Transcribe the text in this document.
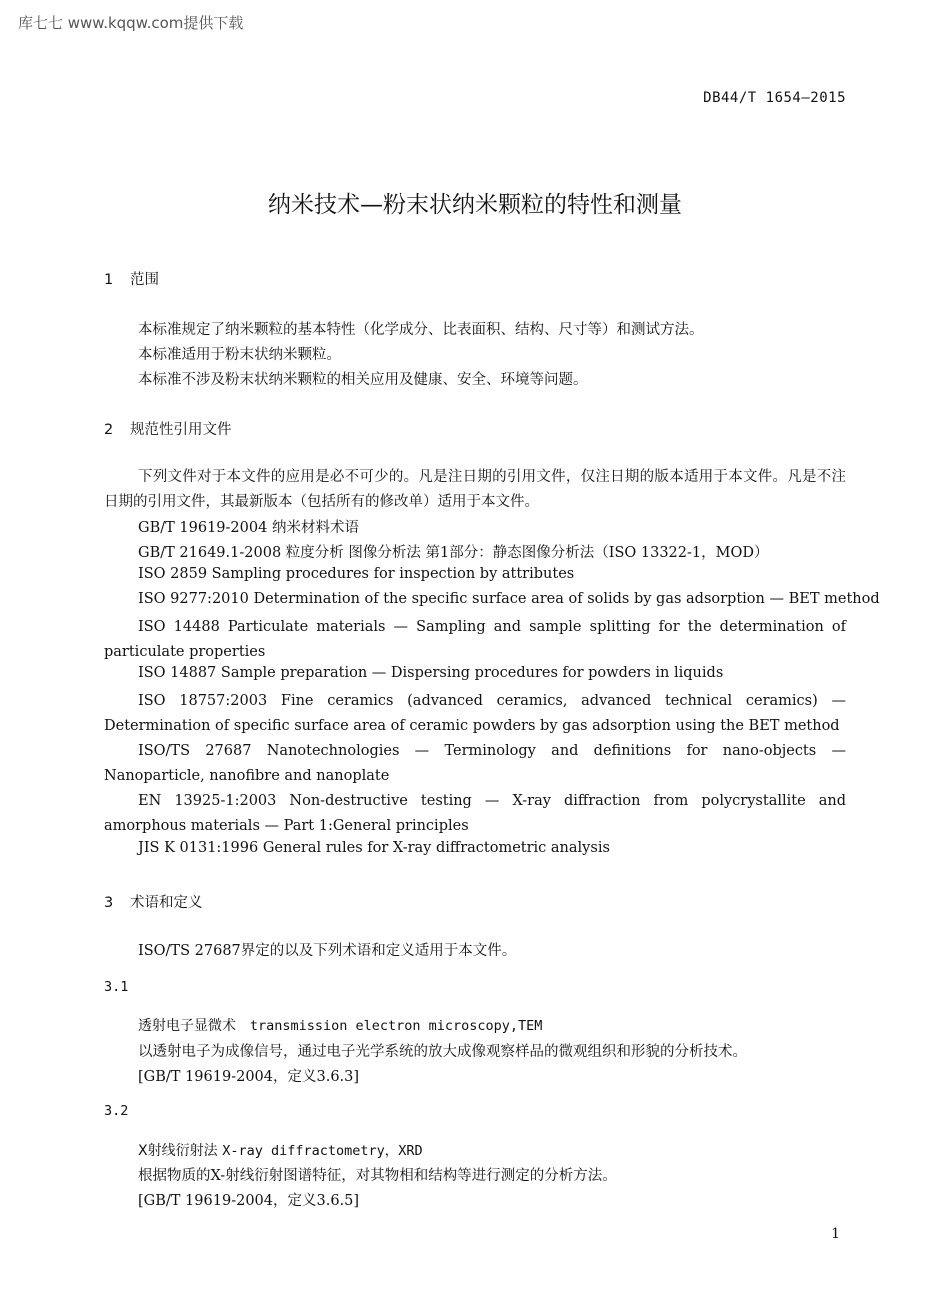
库七七 www.kqqw.com提供下载
DB44/T 1654—2015
纳米技术—粉末状纳米颗粒的特性和测量
1 范围
本标准规定了纳米颗粒的基本特性（化学成分、比表面积、结构、尺寸等）和测试方法。
本标准适用于粉末状纳米颗粒。
本标准不涉及粉末状纳米颗粒的相关应用及健康、安全、环境等问题。
2 规范性引用文件
下列文件对于本文件的应用是必不可少的。凡是注日期的引用文件，仅注日期的版本适用于本文件。凡是不注日期的引用文件，其最新版本（包括所有的修改单）适用于本文件。
GB/T 19619-2004 纳米材料术语
GB/T 21649.1-2008 粒度分析 图像分析法 第1部分：静态图像分析法（ISO 13322-1，MOD）
ISO 2859 Sampling procedures for inspection by attributes
ISO 9277:2010 Determination of the specific surface area of solids by gas adsorption — BET method
ISO 14488 Particulate materials — Sampling and sample splitting for the determination of particulate properties
ISO 14887 Sample preparation — Dispersing procedures for powders in liquids
ISO 18757:2003 Fine ceramics (advanced ceramics, advanced technical ceramics) — Determination of specific surface area of ceramic powders by gas adsorption using the BET method
ISO/TS 27687 Nanotechnologies — Terminology and definitions for nano-objects — Nanoparticle, nanofibre and nanoplate
EN 13925-1:2003 Non-destructive testing — X-ray diffraction from polycrystallite and amorphous materials — Part 1:General principles
JIS K 0131:1996 General rules for X-ray diffractometric analysis
3 术语和定义
ISO/TS 27687界定的以及下列术语和定义适用于本文件。
3.1
透射电子显微术 transmission electron microscopy,TEM
以透射电子为成像信号，通过电子光学系统的放大成像观察样品的微观组织和形貌的分析技术。
[GB/T 19619-2004，定义3.6.3]
3.2
X射线衍射法 X-ray diffractometry，XRD
根据物质的X-射线衍射图谱特征，对其物相和结构等进行测定的分析方法。
[GB/T 19619-2004，定义3.6.5]
1
